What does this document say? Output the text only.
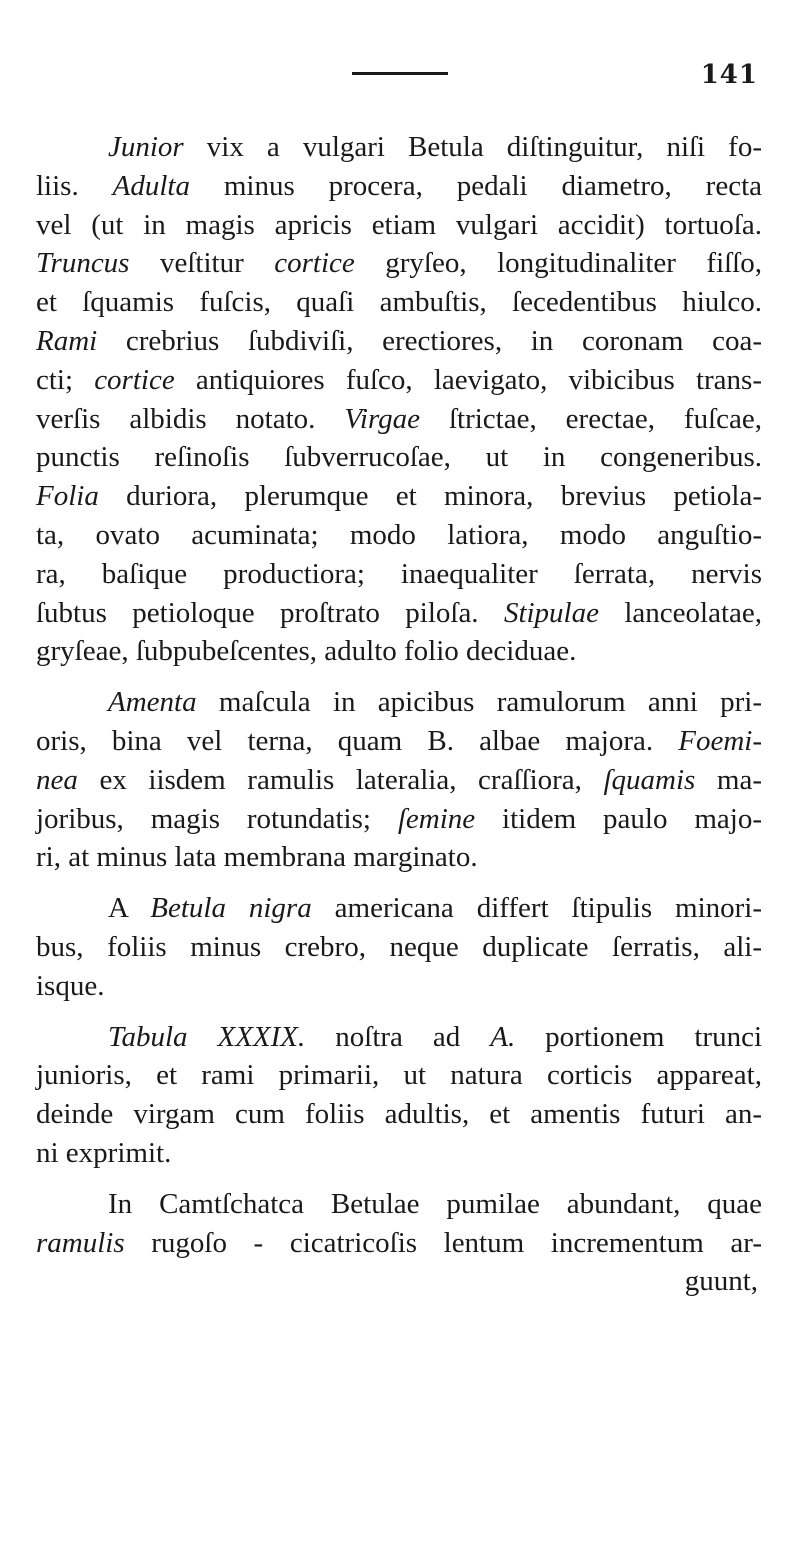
141
Junior vix a vulgari Betula diſtinguitur, niſi fo-
liis. Adulta minus procera, pedali diametro, recta
vel (ut in magis apricis etiam vulgari accidit) tortuoſa.
Truncus veſtitur cortice gryſeo, longitudinaliter fiſſo,
et ſquamis fuſcis, quaſi ambuſtis, ſecedentibus hiulco.
Rami crebrius ſubdiviſi, erectiores, in coronam coa-
cti; cortice antiquiores fuſco, laevigato, vibicibus trans-
verſis albidis notato. Virgae ſtrictae, erectae, fuſcae,
punctis reſinoſis ſubverrucoſae, ut in congeneribus.
Folia duriora, plerumque et minora, brevius petiola-
ta, ovato acuminata; modo latiora, modo anguſtio-
ra, baſique productiora; inaequaliter ſerrata, nervis
ſubtus petioloque proſtrato piloſa. Stipulae lanceolatae,
gryſeae, ſubpubeſcentes, adulto folio deciduae.
Amenta maſcula in apicibus ramulorum anni pri-
oris, bina vel terna, quam B. albae majora. Foemi-
nea ex iisdem ramulis lateralia, craſſiora, ſquamis ma-
joribus, magis rotundatis; ſemine itidem paulo majo-
ri, at minus lata membrana marginato.
A Betula nigra americana differt ſtipulis minori-
bus, foliis minus crebro, neque duplicate ſerratis, ali-
isque.
Tabula XXXIX. noſtra ad A. portionem trunci
junioris, et rami primarii, ut natura corticis appareat,
deinde virgam cum foliis adultis, et amentis futuri an-
ni exprimit.
In Camtſchatca Betulae pumilae abundant, quae
ramulis rugoſo - cicatricoſis lentum incrementum ar-
guunt,
